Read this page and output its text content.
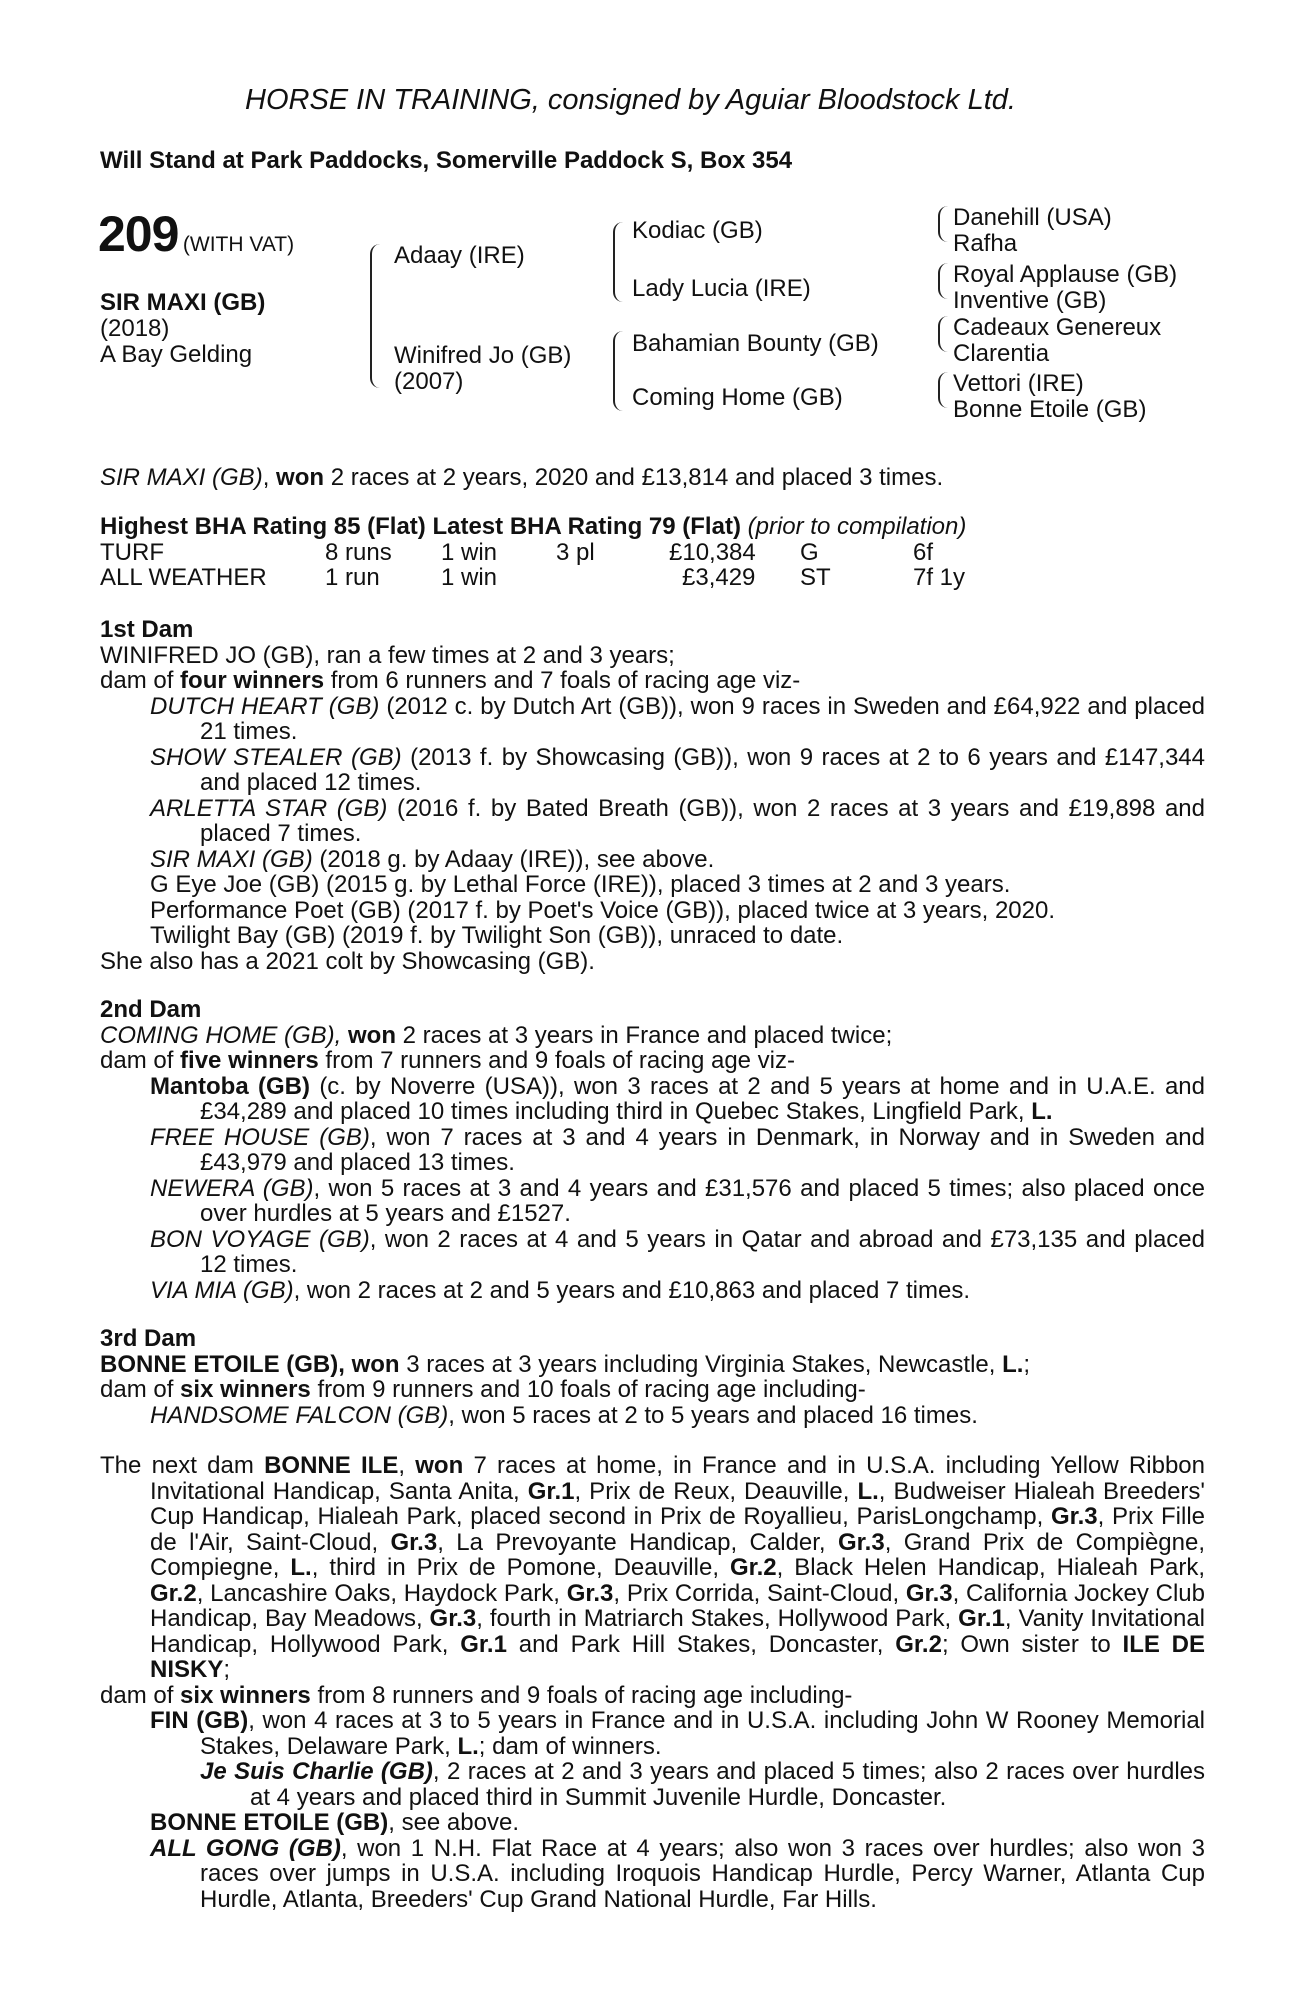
HORSE IN TRAINING, consigned by Aguiar Bloodstock Ltd.
Will Stand at Park Paddocks, Somerville Paddock S, Box 354
209 (WITH VAT)
SIR MAXI (GB)
(2018)
A Bay Gelding
Adaay (IRE)
Winifred Jo (GB)
(2007)
Kodiac (GB)
Lady Lucia (IRE)
Bahamian Bounty (GB)
Coming Home (GB)
Danehill (USA)
Rafha
Royal Applause (GB)
Inventive (GB)
Cadeaux Genereux
Clarentia
Vettori (IRE)
Bonne Etoile (GB)
SIR MAXI (GB), won 2 races at 2 years, 2020 and £13,814 and placed 3 times.
Highest BHA Rating 85 (Flat) Latest BHA Rating 79 (Flat) (prior to compilation)
TURF	8 runs 1 win 3 pl	£10,384 G	6f
ALL WEATHER 1 run	1 win	£3,429 ST	7f 1y

1st Dam

WINIFRED JO (GB), ran a few times at 2 and 3 years;

dam of four winners from 6 runners and 7 foals of racing age viz-

DUTCH HEART (GB) (2012 c. by Dutch Art (GB)), won 9 races in Sweden and £64,922 and placed 21 times.

SHOW STEALER (GB) (2013 f. by Showcasing (GB)), won 9 races at 2 to 6 years and £147,344 and placed 12 times.

ARLETTA STAR (GB) (2016 f. by Bated Breath (GB)), won 2 races at 3 years and £19,898 and placed 7 times.

SIR MAXI (GB) (2018 g. by Adaay (IRE)), see above.

G Eye Joe (GB) (2015 g. by Lethal Force (IRE)), placed 3 times at 2 and 3 years.

Performance Poet (GB) (2017 f. by Poet's Voice (GB)), placed twice at 3 years, 2020.

Twilight Bay (GB) (2019 f. by Twilight Son (GB)), unraced to date.

She also has a 2021 colt by Showcasing (GB).

2nd Dam

COMING HOME (GB), won 2 races at 3 years in France and placed twice;

dam of five winners from 7 runners and 9 foals of racing age viz-

Mantoba (GB) (c. by Noverre (USA)), won 3 races at 2 and 5 years at home and in U.A.E. and £34,289 and placed 10 times including third in Quebec Stakes, Lingfield Park, L.

FREE HOUSE (GB), won 7 races at 3 and 4 years in Denmark, in Norway and in Sweden and £43,979 and placed 13 times.

NEWERA (GB), won 5 races at 3 and 4 years and £31,576 and placed 5 times; also placed once over hurdles at 5 years and £1527.

BON VOYAGE (GB), won 2 races at 4 and 5 years in Qatar and abroad and £73,135 and placed 12 times.

VIA MIA (GB), won 2 races at 2 and 5 years and £10,863 and placed 7 times.

3rd Dam

BONNE ETOILE (GB), won 3 races at 3 years including Virginia Stakes, Newcastle, L.;

dam of six winners from 9 runners and 10 foals of racing age including-

HANDSOME FALCON (GB), won 5 races at 2 to 5 years and placed 16 times.

The next dam BONNE ILE, won 7 races at home, in France and in U.S.A. including Yellow Ribbon Invitational Handicap, Santa Anita, Gr.1, Prix de Reux, Deauville, L., Budweiser Hialeah Breeders' Cup Handicap, Hialeah Park, placed second in Prix de Royallieu, ParisLongchamp, Gr.3, Prix Fille de l'Air, Saint-Cloud, Gr.3, La Prevoyante Handicap, Calder, Gr.3, Grand Prix de Compiègne, Compiegne, L., third in Prix de Pomone, Deauville, Gr.2, Black Helen Handicap, Hialeah Park, Gr.2, Lancashire Oaks, Haydock Park, Gr.3, Prix Corrida, Saint-Cloud, Gr.3, California Jockey Club Handicap, Bay Meadows, Gr.3, fourth in Matriarch Stakes, Hollywood Park, Gr.1, Vanity Invitational Handicap, Hollywood Park, Gr.1 and Park Hill Stakes, Doncaster, Gr.2; Own sister to ILE DE NISKY;

dam of six winners from 8 runners and 9 foals of racing age including-

FIN (GB), won 4 races at 3 to 5 years in France and in U.S.A. including John W Rooney Memorial Stakes, Delaware Park, L.; dam of winners.

Je Suis Charlie (GB), 2 races at 2 and 3 years and placed 5 times; also 2 races over hurdles at 4 years and placed third in Summit Juvenile Hurdle, Doncaster.

BONNE ETOILE (GB), see above.

ALL GONG (GB), won 1 N.H. Flat Race at 4 years; also won 3 races over hurdles; also won 3 races over jumps in U.S.A. including Iroquois Handicap Hurdle, Percy Warner, Atlanta Cup Hurdle, Atlanta, Breeders' Cup Grand National Hurdle, Far Hills.
